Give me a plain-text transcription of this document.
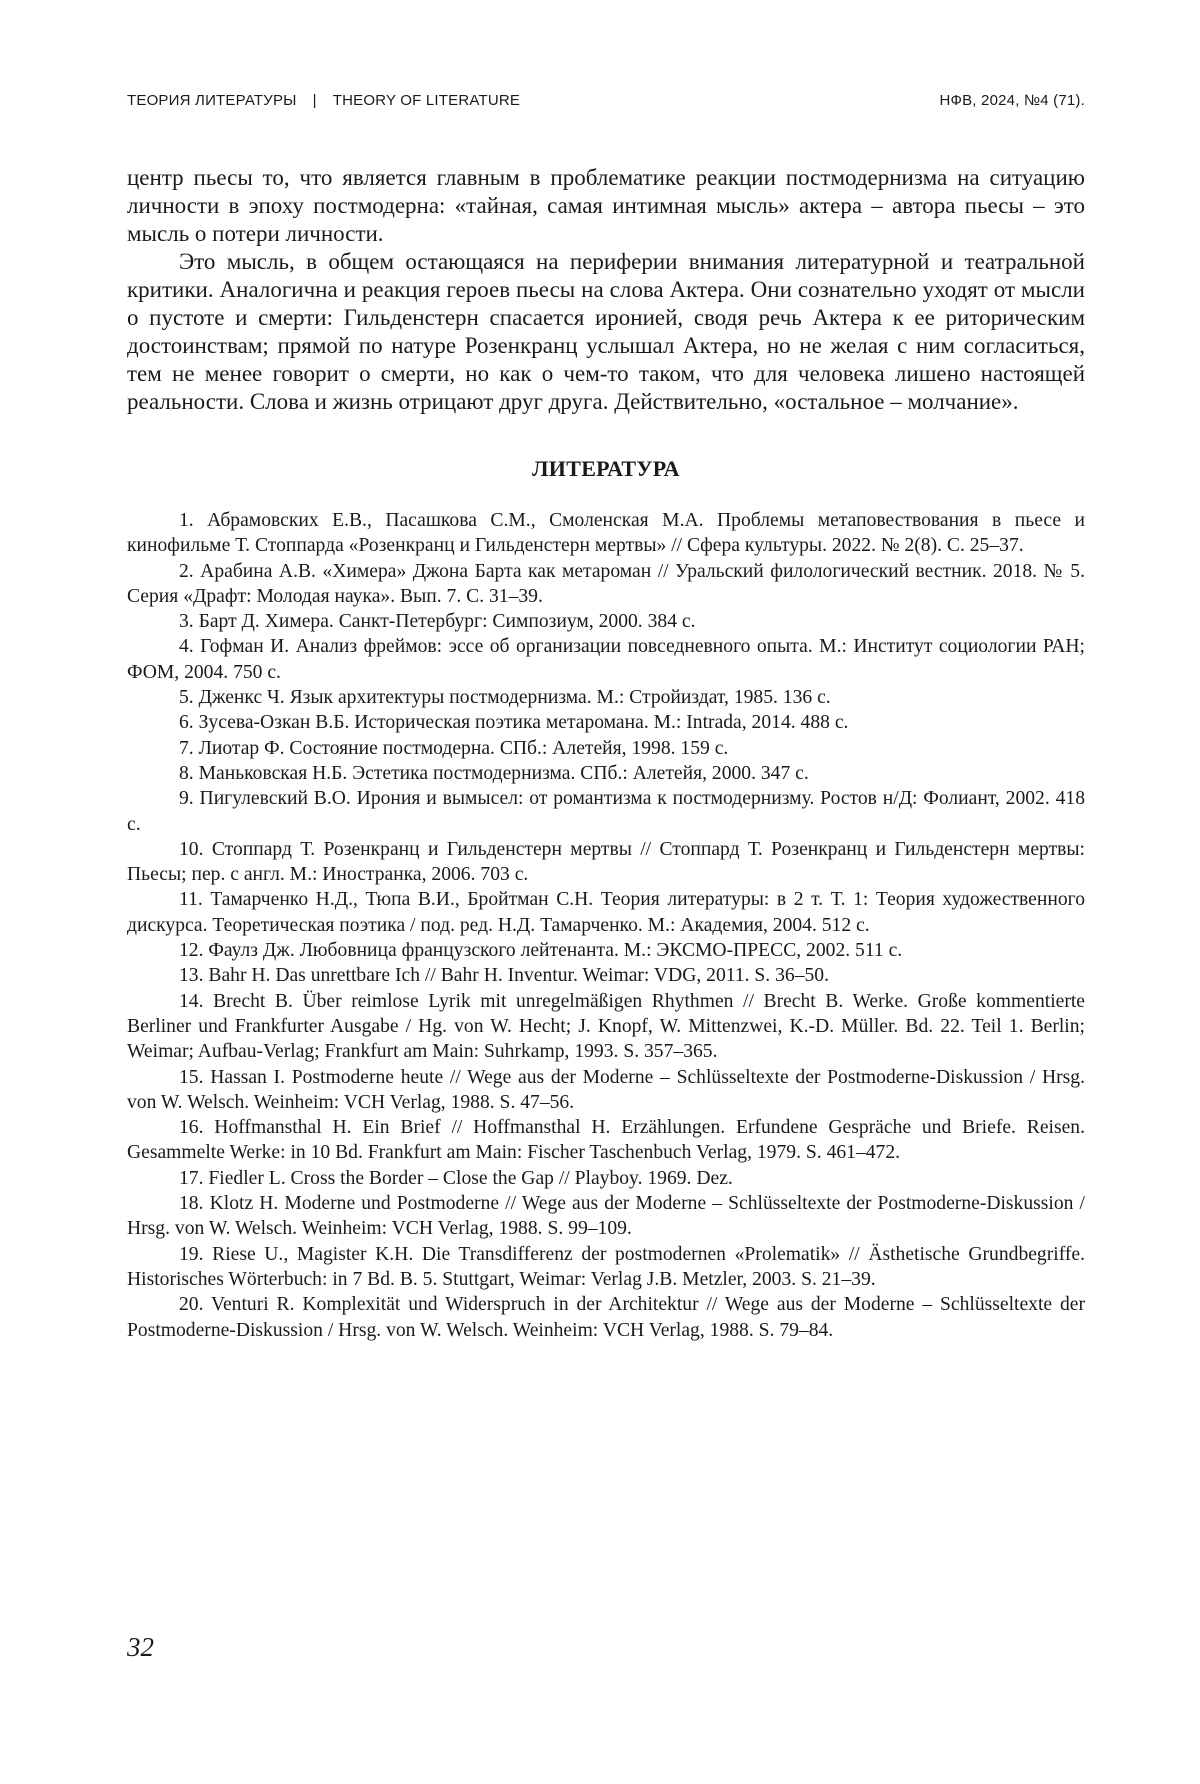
ТЕОРИЯ ЛИТЕРАТУРЫ | THEORY OF LITERATURE	НФВ, 2024, №4 (71).

центр пьесы то, что является главным в проблематике реакции постмодернизма на ситуацию личности в эпоху постмодерна: «тайная, самая интимная мысль» актера – автора пьесы – это мысль о потери личности.

Это мысль, в общем остающаяся на периферии внимания литературной и театральной критики. Аналогична и реакция героев пьесы на слова Актера. Они сознательно уходят от мысли о пустоте и смерти: Гильденстерн спасается иронией, сводя речь Актера к ее риторическим достоинствам; прямой по натуре Розенкранц услышал Актера, но не желая с ним согласиться, тем не менее говорит о смерти, но как о чем-то таком, что для человека лишено настоящей реальности. Слова и жизнь отрицают друг друга. Действительно, «остальное – молчание».

ЛИТЕРАТУРА
1. Абрамовских Е.В., Пасашкова С.М., Смоленская М.А. Проблемы метаповествования в пьесе и кинофильме Т. Стоппарда «Розенкранц и Гильденстерн мертвы» // Сфера культуры. 2022. № 2(8). С. 25–37.
2. Арабина А.В. «Химера» Джона Барта как метароман // Уральский филологический вестник. 2018. № 5. Серия «Драфт: Молодая наука». Вып. 7. С. 31–39.
3. Барт Д. Химера. Санкт-Петербург: Симпозиум, 2000. 384 с.
4. Гофман И. Анализ фреймов: эссе об организации повседневного опыта. М.: Институт социологии РАН; ФОМ, 2004. 750 с.
5. Дженкс Ч. Язык архитектуры постмодернизма. М.: Стройиздат, 1985. 136 с.
6. Зусева-Озкан В.Б. Историческая поэтика метаромана. М.: Intrada, 2014. 488 с.
7. Лиотар Ф. Состояние постмодерна. СПб.: Алетейя, 1998. 159 с.
8. Маньковская Н.Б. Эстетика постмодернизма. СПб.: Алетейя, 2000. 347 с.
9. Пигулевский В.О. Ирония и вымысел: от романтизма к постмодернизму. Ростов н/Д: Фолиант, 2002. 418 с.
10. Стоппард Т. Розенкранц и Гильденстерн мертвы // Стоппард Т. Розенкранц и Гильденстерн мертвы: Пьесы; пер. с англ. М.: Иностранка, 2006. 703 с.
11. Тамарченко Н.Д., Тюпа В.И., Бройтман С.Н. Теория литературы: в 2 т. Т. 1: Теория художественного дискурса. Теоретическая поэтика / под. ред. Н.Д. Тамарченко. М.: Академия, 2004. 512 с.
12. Фаулз Дж. Любовница французского лейтенанта. М.: ЭКСМО-ПРЕСС, 2002. 511 с.
13. Bahr H. Das unrettbare Ich // Bahr H. Inventur. Weimar: VDG, 2011. S. 36–50.
14. Brecht B. Über reimlose Lyrik mit unregelmäßigen Rhythmen // Brecht B. Werke. Große kommentierte Berliner und Frankfurter Ausgabe / Hg. von W. Hecht; J. Knopf, W. Mittenzwei, K.-D. Müller. Bd. 22. Teil 1. Berlin; Weimar; Aufbau-Verlag; Frankfurt am Main: Suhrkamp, 1993. S. 357–365.
15. Hassan I. Postmoderne heute // Wege aus der Moderne – Schlüsseltexte der Postmoderne-Diskussion / Hrsg. von W. Welsch. Weinheim: VCH Verlag, 1988. S. 47–56.
16. Hoffmansthal H. Ein Brief // Hoffmansthal H. Erzählungen. Erfundene Gespräche und Briefe. Reisen. Gesammelte Werke: in 10 Bd. Frankfurt am Main: Fischer Taschenbuch Verlag, 1979. S. 461–472.
17. Fiedler L. Cross the Border – Close the Gap // Playboy. 1969. Dez.
18. Klotz H. Moderne und Postmoderne // Wege aus der Moderne – Schlüsseltexte der Postmoderne-Diskussion / Hrsg. von W. Welsch. Weinheim: VCH Verlag, 1988. S. 99–109.
19. Riese U., Magister K.H. Die Transdifferenz der postmodernen «Prolematik» // Ästhetische Grundbegriffe. Historisches Wörterbuch: in 7 Bd. B. 5. Stuttgart, Weimar: Verlag J.B. Metzler, 2003. S. 21–39.
20. Venturi R. Komplexität und Widerspruch in der Architektur // Wege aus der Moderne – Schlüsseltexte der Postmoderne-Diskussion / Hrsg. von W. Welsch. Weinheim: VCH Verlag, 1988. S. 79–84.
32
